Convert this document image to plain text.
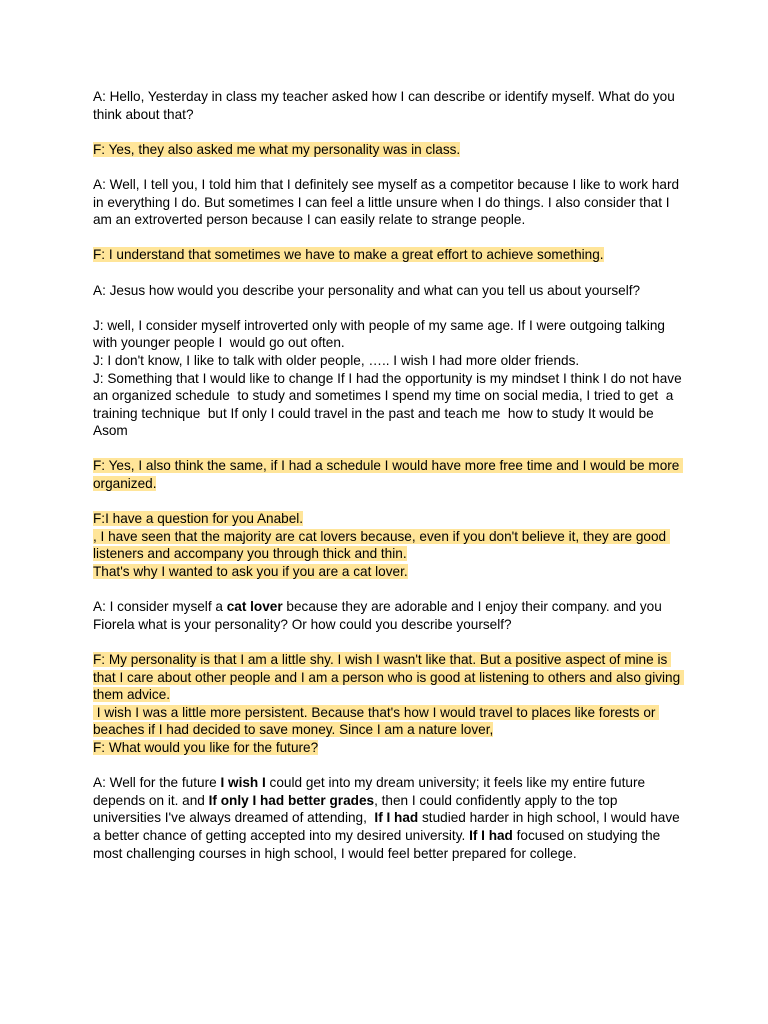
A: Hello, Yesterday in class my teacher asked how I can describe or identify myself. What do you think about that?
F: Yes, they also asked me what my personality was in class.
A: Well, I tell you, I told him that I definitely see myself as a competitor because I like to work hard in everything I do. But sometimes I can feel a little unsure when I do things. I also consider that I am an extroverted person because I can easily relate to strange people.
F: I understand that sometimes we have to make a great effort to achieve something.
A: Jesus how would you describe your personality and what can you tell us about yourself?
J: well, I consider myself introverted only with people of my same age. If I were outgoing talking with younger people I  would go out often.
J: I don't know, I like to talk with older people, ….. I wish I had more older friends.
J: Something that I would like to change If I had the opportunity is my mindset I think I do not have an organized schedule  to study and sometimes I spend my time on social media, I tried to get  a training technique  but If only I could travel in the past and teach me  how to study It would be Asom
F: Yes, I also think the same, if I had a schedule I would have more free time and I would be more organized.
F:I have a question for you Anabel.
, I have seen that the majority are cat lovers because, even if you don't believe it, they are good listeners and accompany you through thick and thin.
That's why I wanted to ask you if you are a cat lover.
A: I consider myself a cat lover because they are adorable and I enjoy their company. and you Fiorela what is your personality? Or how could you describe yourself?
F: My personality is that I am a little shy. I wish I wasn't like that. But a positive aspect of mine is that I care about other people and I am a person who is good at listening to others and also giving them advice.
I wish I was a little more persistent. Because that's how I would travel to places like forests or beaches if I had decided to save money. Since I am a nature lover,
F: What would you like for the future?
A: Well for the future I wish I could get into my dream university; it feels like my entire future depends on it. and If only I had better grades, then I could confidently apply to the top universities I've always dreamed of attending,  If I had studied harder in high school, I would have a better chance of getting accepted into my desired university. If I had focused on studying the most challenging courses in high school, I would feel better prepared for college.
